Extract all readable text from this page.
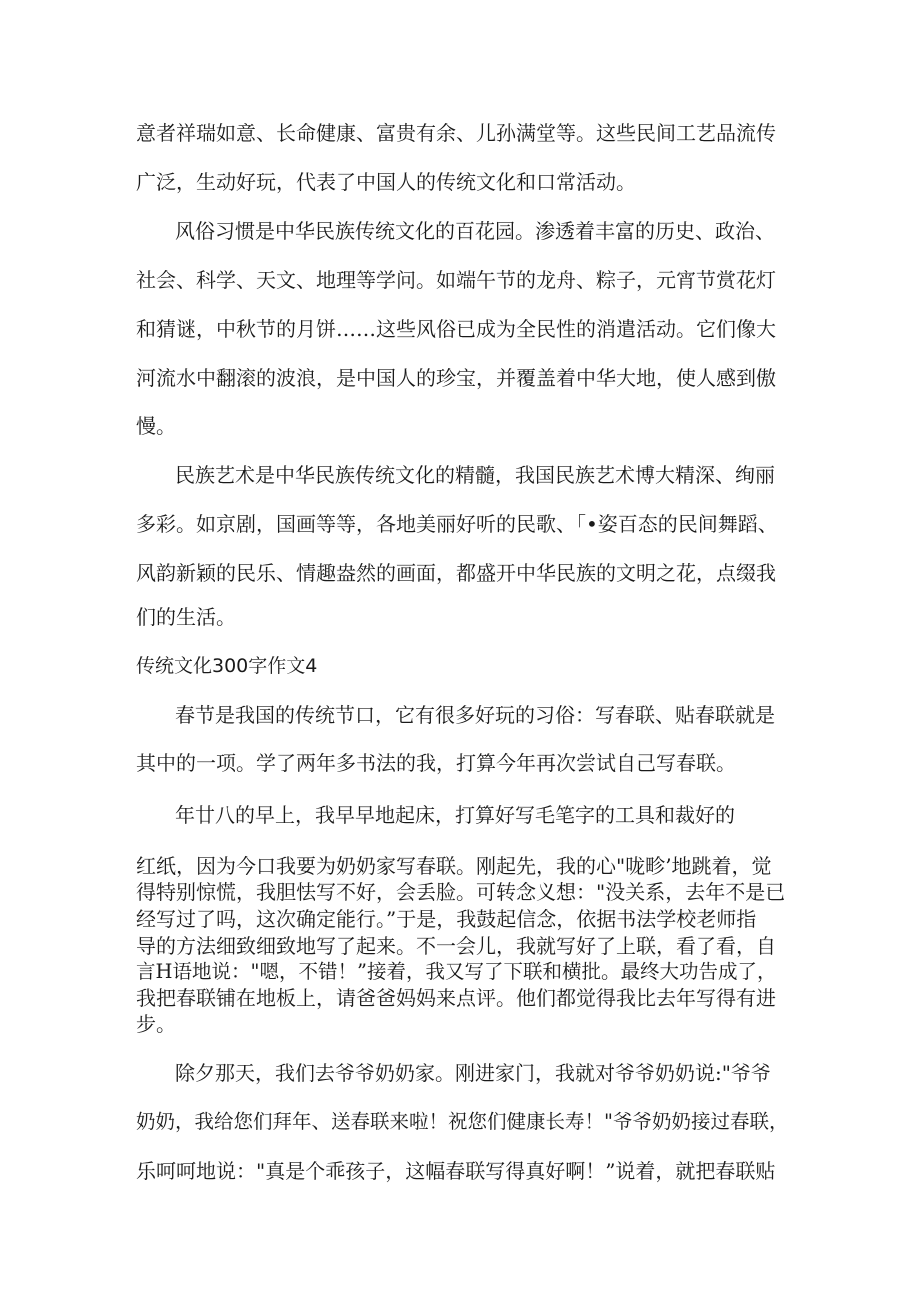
意者祥瑞如意、长命健康、富贵有余、儿孙满堂等。这些民间工艺品流传

广泛，生动好玩，代表了中国人的传统文化和口常活动。

风俗习惯是中华民族传统文化的百花园。渗透着丰富的历史、政治、

社会、科学、天文、地理等学问。如端午节的龙舟、粽子，元宵节赏花灯

和猜谜，中秋节的月饼……这些风俗已成为全民性的消遣活动。它们像大

河流水中翻滚的波浪，是中国人的珍宝，并覆盖着中华大地，使人感到傲

慢。

民族艺术是中华民族传统文化的精髓，我国民族艺术博大精深、绚丽

多彩。如京剧，国画等等，各地美丽好听的民歌、「•姿百态的民间舞蹈、

风韵新颖的民乐、情趣盎然的画面，都盛开中华民族的文明之花，点缀我

们的生活。

传统文化300字作文4

春节是我国的传统节口，它有很多好玩的习俗：写春联、贴春联就是

其中的一项。学了两年多书法的我，打算今年再次尝试自己写春联。

年廿八的早上，我早早地起床，打算好写毛笔字的工具和裁好的

红纸，因为今口我要为奶奶家写春联。刚起先，我的心"咙畛’地跳着，觉

得特别惊慌，我胆怯写不好，会丢脸。可转念义想："没关系，去年不是已

经写过了吗，这次确定能行。”于是，我鼓起信念，依据书法学校老师指

导的方法细致细致地写了起来。不一会儿，我就写好了上联，看了看，自

言H语地说："嗯，不错！”接着，我又写了下联和横批。最终大功告成了，

我把春联铺在地板上，请爸爸妈妈来点评。他们都觉得我比去年写得有进

步。

除夕那天，我们去爷爷奶奶家。刚进家门，我就对爷爷奶奶说:"爷爷

奶奶，我给您们拜年、送春联来啦！祝您们健康长寿！"爷爷奶奶接过春联，

乐呵呵地说："真是个乖孩子，这幅春联写得真好啊！”说着，就把春联贴
